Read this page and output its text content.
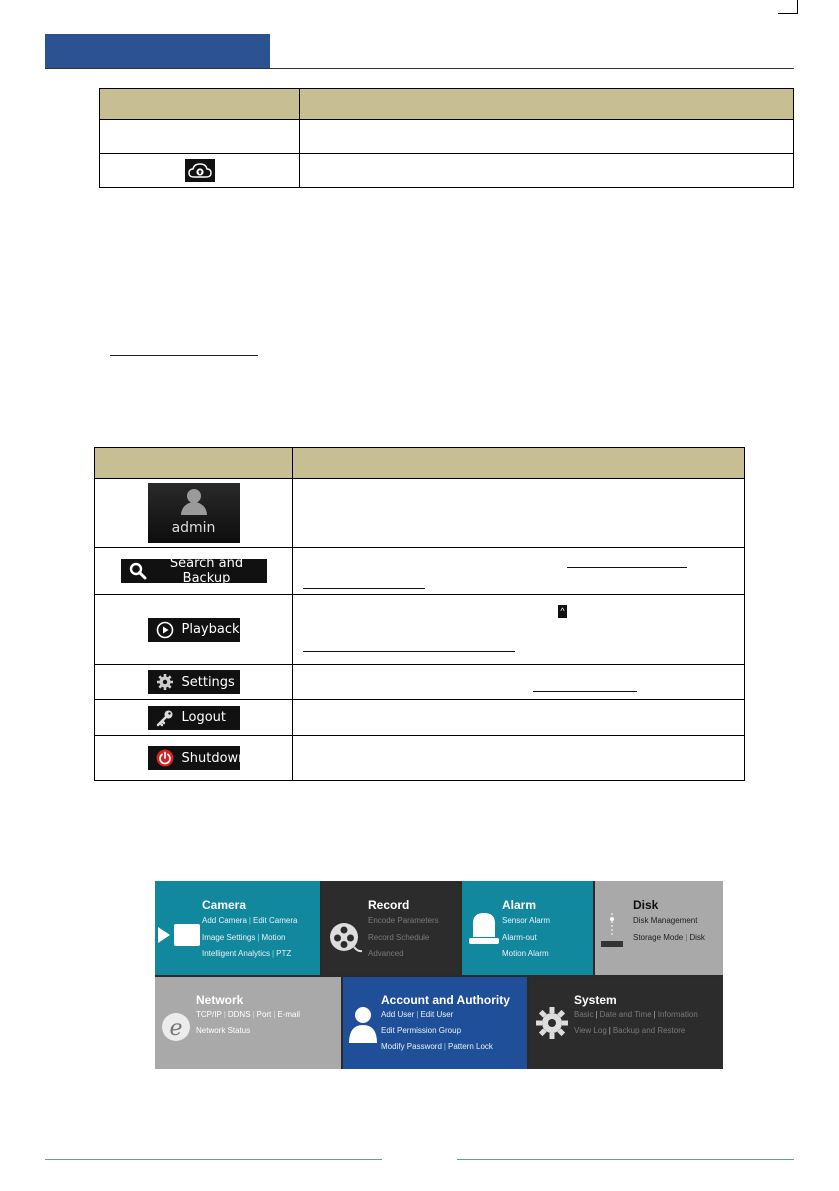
admin	

Search and Backup	

Playback	^

Settings	

Logout	

Shutdown	

Camera
Add Camera | Edit Camera
Image Settings | Motion
Intelligent Analytics | PTZ
Record
Encode Parameters
Record Schedule
Advanced
Alarm
Sensor Alarm
Alarm-out
Motion Alarm
Disk
Disk Management
Storage Mode | Disk
e
Network
TCP/IP | DDNS | Port | E-mail
Network Status
Account and Authority
Add User | Edit User
Edit Permission Group
Modify Password | Pattern Lock
System
Basic | Date and Time | Information
View Log | Backup and Restore
